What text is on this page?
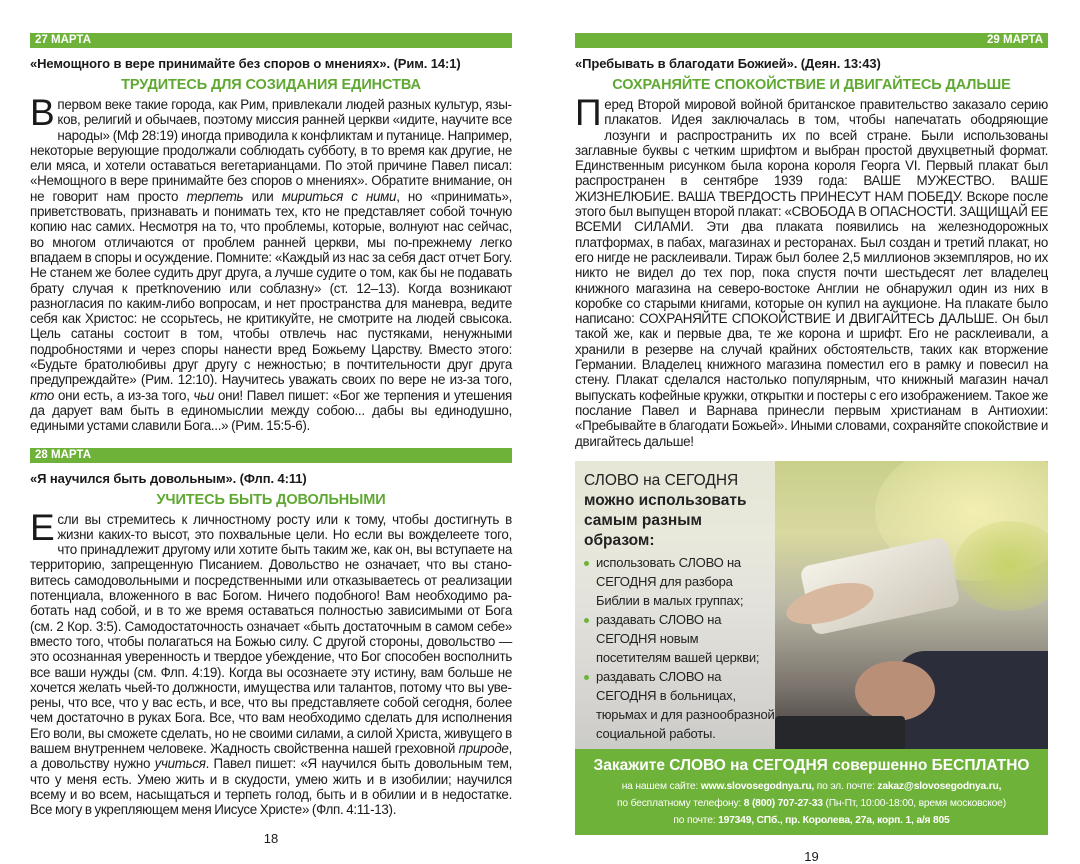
27 МАРТА
«Немощного в вере принимайте без споров о мнениях». (Рим. 14:1)
ТРУДИТЕСЬ ДЛЯ СОЗИДАНИЯ ЕДИНСТВА
В первом веке такие города, как Рим, привлекали людей разных культур, языков, религий и обычаев, поэтому миссия ранней церкви «идите, научите все народы» (Мф 28:19) иногда приводила к конфликтам и путанице. Например, некоторые верующие продолжали соблюдать субботу, в то время как другие, не ели мяса, и хотели оставаться вегетарианцами. По этой причине Павел писал: «Немощного в вере принимайте без споров о мнениях». Обратите внимание, он не говорит нам просто терпеть или мириться с ними, но «принимать», приветствовать, признавать и понимать тех, кто не представляет собой точную копию нас самих. Несмотря на то, что проблемы, которые, волнуют нас сейчас, во многом отличаются от проблем ранней церкви, мы по-прежнему легко впадаем в споры и осуждение. Помните: «Каждый из нас за себя даст отчет Богу. Не станем же более судить друг друга, а лучше судите о том, как бы не подавать брату случая к претknovению или соблазну» (ст. 12–13). Когда возникают разногласия по каким-либо вопросам, и нет пространства для маневра, ведите себя как Христос: не ссорьтесь, не критикуйте, не смотрите на людей свысока. Цель сатаны состоит в том, чтобы отвлечь нас пустяками, ненужными подробностями и через споры нанести вред Божьему Царству. Вместо этого: «Будьте братолюбивы друг другу с нежностью; в почтительности друг друга предупреждайте» (Рим. 12:10). Научитесь уважать своих по вере не из-за того, кто они есть, а из-за того, чьи они! Павел пишет: «Бог же терпения и утешения да дарует вам быть в единомыслии между собою... дабы вы единодушно, едиными устами славили Бога...» (Рим. 15:5-6).
28 МАРТА
«Я научился быть довольным». (Флп. 4:11)
УЧИТЕСЬ БЫТЬ ДОВОЛЬНЫМИ
Если вы стремитесь к личностному росту или к тому, чтобы достигнуть в жизни каких-то высот, это похвальные цели. Но если вы вожделеете того, что принадлежит другому или хотите быть таким же, как он, вы вступаете на территорию, запрещенную Писанием. Довольство не означает, что вы становитесь самодовольными и посредственными или отказываетесь от реализации потенциала, вложенного в вас Богом. Ничего подобного! Вам необходимо работать над собой, и в то же время оставаться полностью зависимыми от Бога (см. 2 Кор. 3:5). Самодостаточность означает «быть достаточным в самом себе» вместо того, чтобы полагаться на Божью силу. С другой стороны, довольство — это осознанная уверенность и твердое убеждение, что Бог способен восполнить все ваши нужды (см. Флп. 4:19). Когда вы осознаете эту истину, вам больше не хочется желать чьей-то должности, имущества или талантов, потому что вы уверены, что все, что у вас есть, и все, что вы представляете собой сегодня, более чем достаточно в руках Бога. Все, что вам необходимо сделать для исполнения Его воли, вы сможете сделать, но не своими силами, а силой Христа, живущего в вашем внутреннем человеке. Жадность свойственна нашей греховной природе, а довольству нужно учиться. Павел пишет: «Я научился быть довольным тем, что у меня есть. Умею жить и в скудости, умею жить и в изобилии; научился всему и во всем, насыщаться и терпеть голод, быть и в обилии и в недостатке. Все могу в укрепляющем меня Иисусе Христе» (Флп. 4:11-13).
18
29 МАРТА
«Пребывать в благодати Божией». (Деян. 13:43)
СОХРАНЯЙТЕ СПОКОЙСТВИЕ И ДВИГАЙТЕСЬ ДАЛЬШЕ
Перед Второй мировой войной британское правительство заказало серию плакатов. Идея заключалась в том, чтобы напечатать ободряющие лозунги и распространить их по всей стране. Были использованы заглавные буквы с четким шрифтом и выбран простой двухцветный формат. Единственным рисунком была корона короля Георга VI. Первый плакат был распространен в сентябре 1939 года: ВАШЕ МУЖЕСТВО. ВАШЕ ЖИЗНЕЛЮБИЕ. ВАША ТВЕРДОСТЬ ПРИНЕСУТ НАМ ПОБЕДУ. Вскоре после этого был выпущен второй плакат: «СВОБОДА В ОПАСНОСТИ. ЗАЩИЩАЙ ЕЕ ВСЕМИ СИЛАМИ. Эти два плаката появились на железнодорожных платформах, в пабах, магазинах и ресторанах. Был создан и третий плакат, но его нигде не расклеивали. Тираж был более 2,5 миллионов экземпляров, но их никто не видел до тех пор, пока спустя почти шестьдесят лет владелец книжного магазина на северо-востоке Англии не обнаружил один из них в коробке со старыми книгами, которые он купил на аукционе. На плакате было написано: СОХРАНЯЙТЕ СПОКОЙСТВИЕ И ДВИГАЙТЕСЬ ДАЛЬШЕ. Он был такой же, как и первые два, те же корона и шрифт. Его не расклеивали, а хранили в резерве на случай крайних обстоятельств, таких как вторжение Германии. Владелец книжного магазина поместил его в рамку и повесил на стену. Плакат сделался настолько популярным, что книжный магазин начал выпускать кофейные кружки, открытки и постеры с его изображением. Такое же послание Павел и Варнава принесли первым христианам в Антиохии: «Пребывайте в благодати Божьей». Иными словами, сохраняйте спокойствие и двигайтесь дальше!
СЛОВО на СЕГОДНЯ
можно использовать
самым разным образом:
использовать СЛОВО на СЕГОДНЯ для разбора Библии в малых группах;
раздавать СЛОВО на СЕГОДНЯ новым посетителям вашей церкви;
раздавать СЛОВО на СЕГОДНЯ в больницах, тюрьмах и для разнообразной социальной работы.
Закажите СЛОВО на СЕГОДНЯ совершенно БЕСПЛАТНО
на нашем сайте: www.slovosegodnya.ru, по эл. почте: zakaz@slovosegodnya.ru,
по бесплатному телефону: 8 (800) 707-27-33 (Пн-Пт, 10:00-18:00, время московское)
по почте: 197349, СПб., пр. Королева, 27а, корп. 1, а/я 805
19
